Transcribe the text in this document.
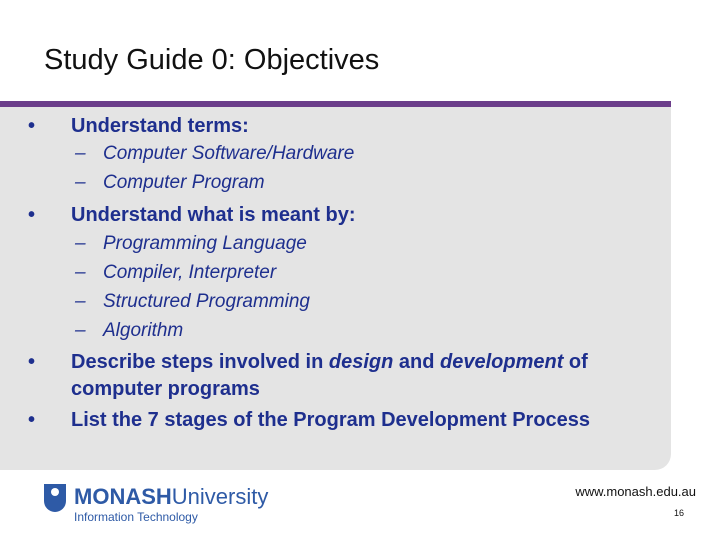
Study Guide 0: Objectives
• Understand terms:
– Computer Software/Hardware
– Computer Program
• Understand what is meant by:
– Programming Language
– Compiler, Interpreter
– Structured Programming
– Algorithm
• Describe steps involved in design and development of computer programs
• List the 7 stages of the Program Development Process
MONASHUniversity
Information Technology
www.monash.edu.au
16
